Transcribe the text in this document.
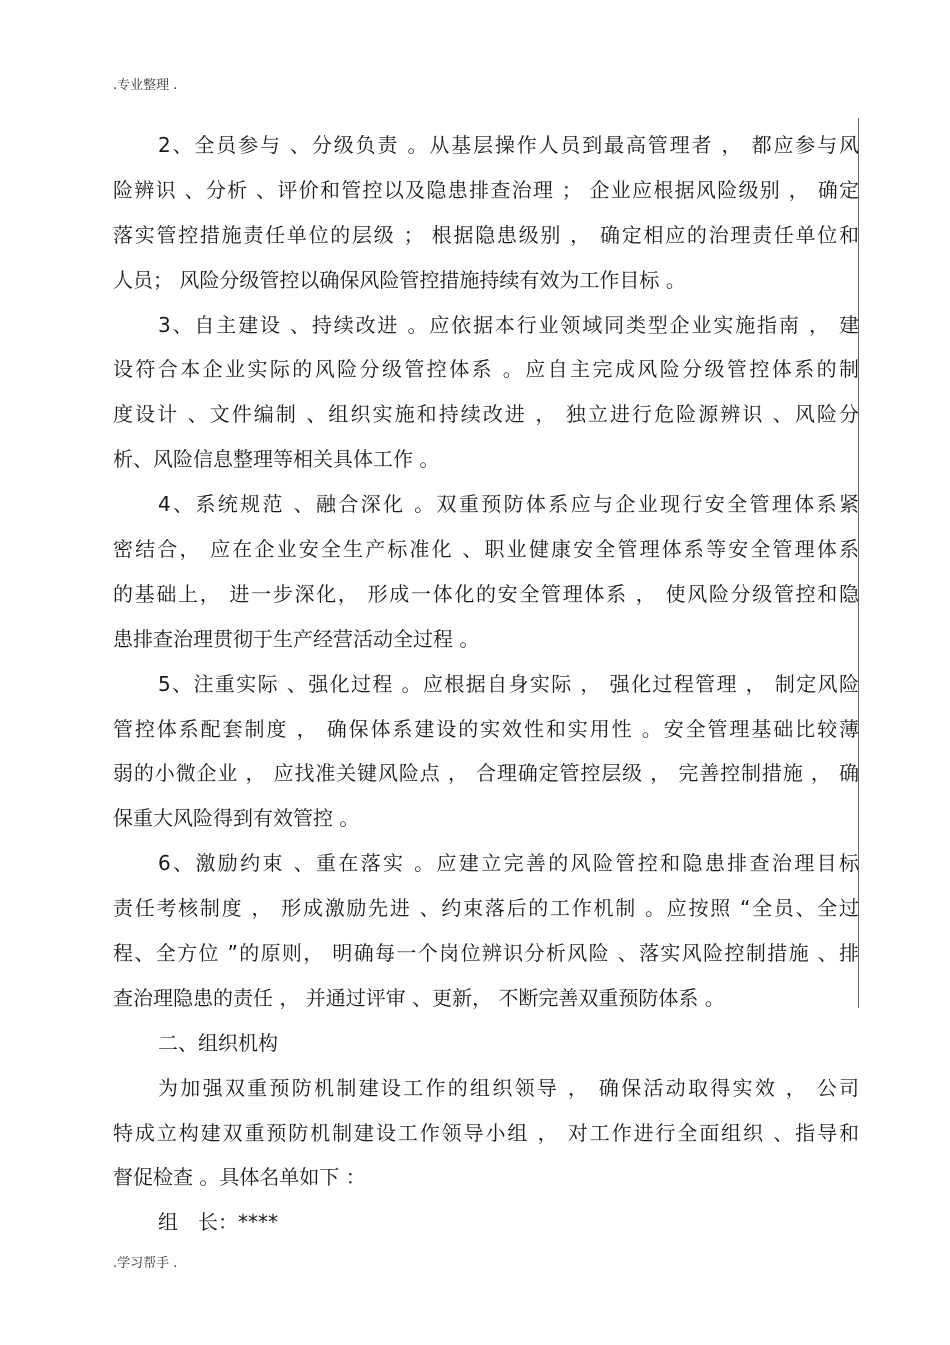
.专业整理 .
2、全员参与 、分级负责 。从基层操作人员到最高管理者 ， 都应参与风
险辨识 、分析 、评价和管控以及隐患排查治理 ； 企业应根据风险级别 ， 确定
落实管控措施责任单位的层级 ； 根据隐患级别 ， 确定相应的治理责任单位和
人员； 风险分级管控以确保风险管控措施持续有效为工作目标 。
3、自主建设 、持续改进 。应依据本行业领域同类型企业实施指南 ， 建
设符合本企业实际的风险分级管控体系 。应自主完成风险分级管控体系的制
度设计 、文件编制 、组织实施和持续改进 ， 独立进行危险源辨识 、风险分
析、风险信息整理等相关具体工作 。
4、系统规范 、融合深化 。双重预防体系应与企业现行安全管理体系紧
密结合， 应在企业安全生产标准化 、职业健康安全管理体系等安全管理体系
的基础上， 进一步深化， 形成一体化的安全管理体系 ， 使风险分级管控和隐
患排查治理贯彻于生产经营活动全过程 。
5、注重实际 、强化过程 。应根据自身实际 ， 强化过程管理 ， 制定风险
管控体系配套制度 ， 确保体系建设的实效性和实用性 。安全管理基础比较薄
弱的小微企业 ， 应找准关键风险点 ， 合理确定管控层级 ， 完善控制措施 ， 确
保重大风险得到有效管控 。
6、激励约束 、重在落实 。应建立完善的风险管控和隐患排查治理目标
责任考核制度 ， 形成激励先进 、约束落后的工作机制 。应按照 “全员、全过
程、全方位 ”的原则， 明确每一个岗位辨识分析风险 、落实风险控制措施 、排
查治理隐患的责任 ， 并通过评审 、更新， 不断完善双重预防体系 。
二、组织机构
为加强双重预防机制建设工作的组织领导 ， 确保活动取得实效 ， 公司
特成立构建双重预防机制建设工作领导小组 ， 对工作进行全面组织 、指导和
督促检查 。具体名单如下 ：
组　长：****
.学习帮手 .
